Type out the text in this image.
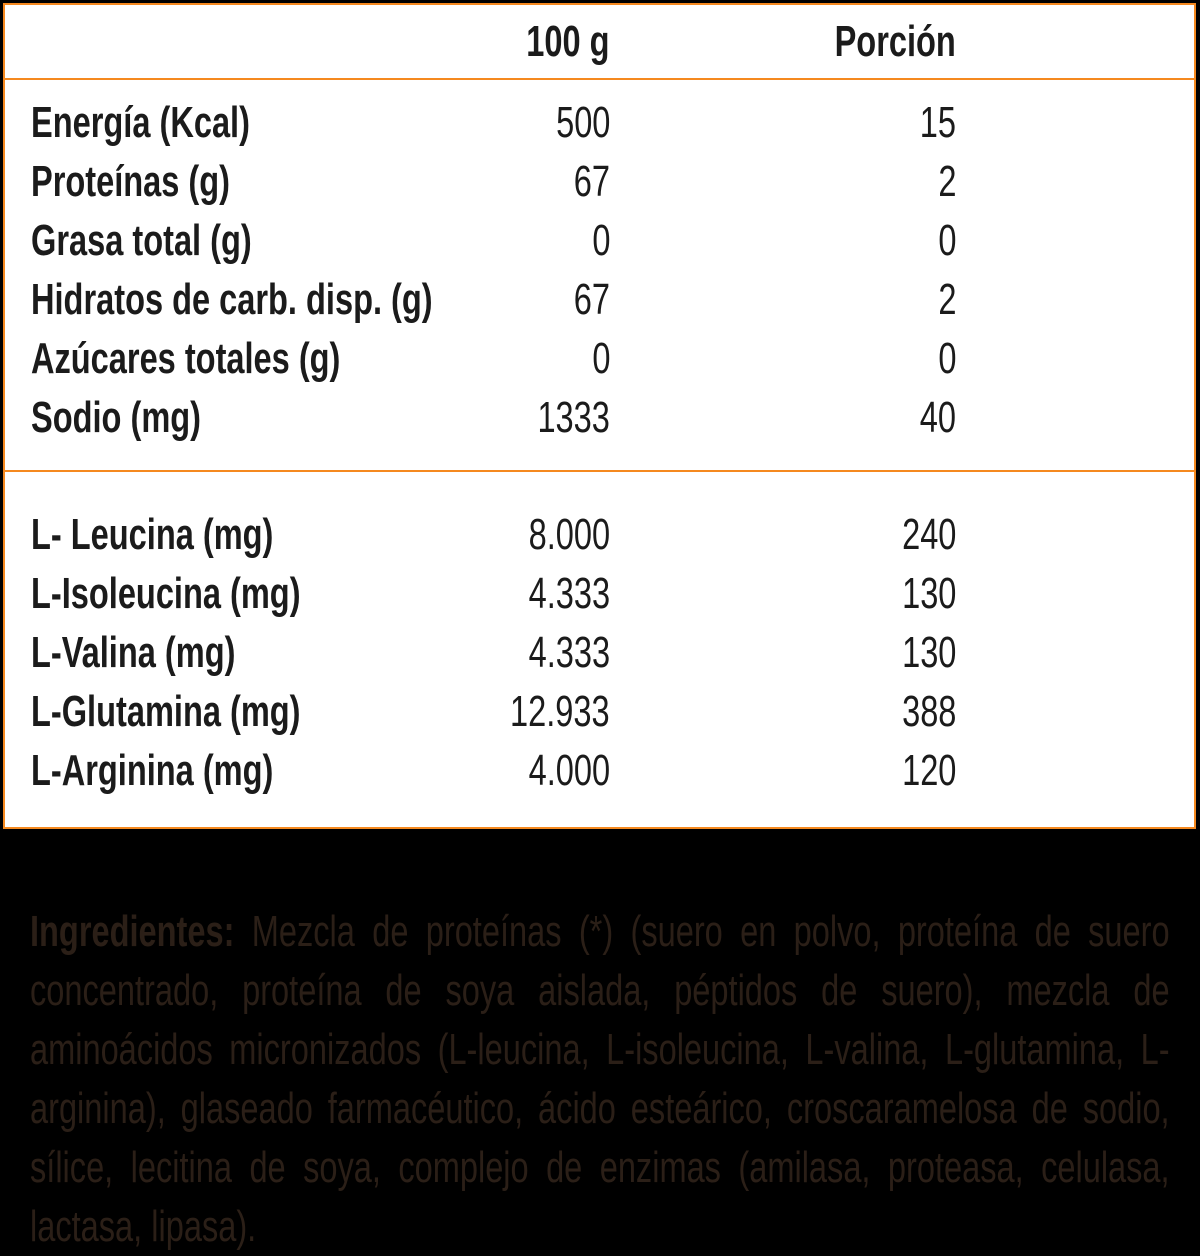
100 g	Porción
Energía (Kcal)	500	15
Proteínas (g)	67	2
Grasa total (g)	0	0
Hidratos de carb. disp. (g)	67	2
Azúcares totales (g)	0	0
Sodio (mg)	1333	40
L- Leucina (mg)	8.000	240
L-Isoleucina (mg)	4.333	130
L-Valina (mg)	4.333	130
L-Glutamina (mg)	12.933	388
L-Arginina (mg)	4.000	120

Ingredientes: Mezcla de proteínas (*) (suero en polvo, proteína de suero concentrado, proteína de soya aislada, péptidos de suero), mezcla de aminoácidos micronizados (L-leucina, L-isoleucina, L-valina, L-glutamina, L-arginina), glaseado farmacéutico, ácido esteárico, croscaramelosa de sodio, sílice, lecitina de soya, complejo de enzimas (amilasa, proteasa, celulasa, lactasa, lipasa).
